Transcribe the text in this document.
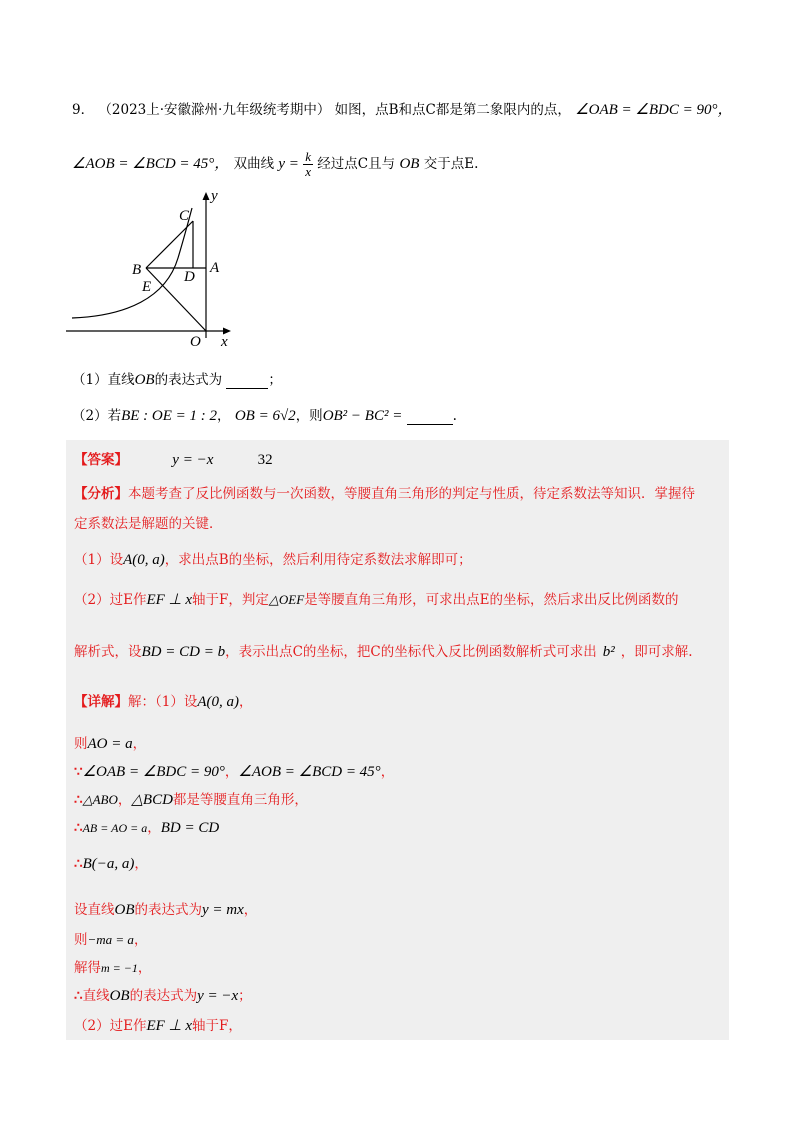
9． （2023上·安徽滁州·九年级统考期中） 如图，点B和点C都是第二象限内的点， ∠OAB = ∠BDC = 90°，
∠AOB = ∠BCD = 45°， 双曲线 $y = \frac{k}{x}$ 经过点C且与 OB 交于点E.
y
C
B	A
D
E
O x
（1）直线OB的表达式为	；
（2）若BE : OE = 1 : 2， OB = 6√2，则OB² − BC² =	.
【答案】	y = −x	32
【分析】本题考查了反比例函数与一次函数，等腰直角三角形的判定与性质，待定系数法等知识．掌握待
定系数法是解题的关键．
（1）设A(0, a)，求出点B的坐标，然后利用待定系数法求解即可；
（2）过E作EF ⊥ x轴于F，判定△OEF是等腰直角三角形，可求出点E的坐标，然后求出反比例函数的
解析式，设BD = CD = b，表示出点C的坐标，把C的坐标代入反比例函数解析式可求出 b² ，即可求解.
【详解】解：（1）设A(0, a)，
则AO = a，
∵∠OAB = ∠BDC = 90°，∠AOB = ∠BCD = 45°，
∴△ABO，△BCD都是等腰直角三角形，
∴AB = AO = a，BD = CD
∴B(−a, a)，
设直线OB的表达式为y = mx，
则−ma = a，
解得m = −1，
∴直线OB的表达式为y = −x；
（2）过E作EF ⊥ x轴于F，
